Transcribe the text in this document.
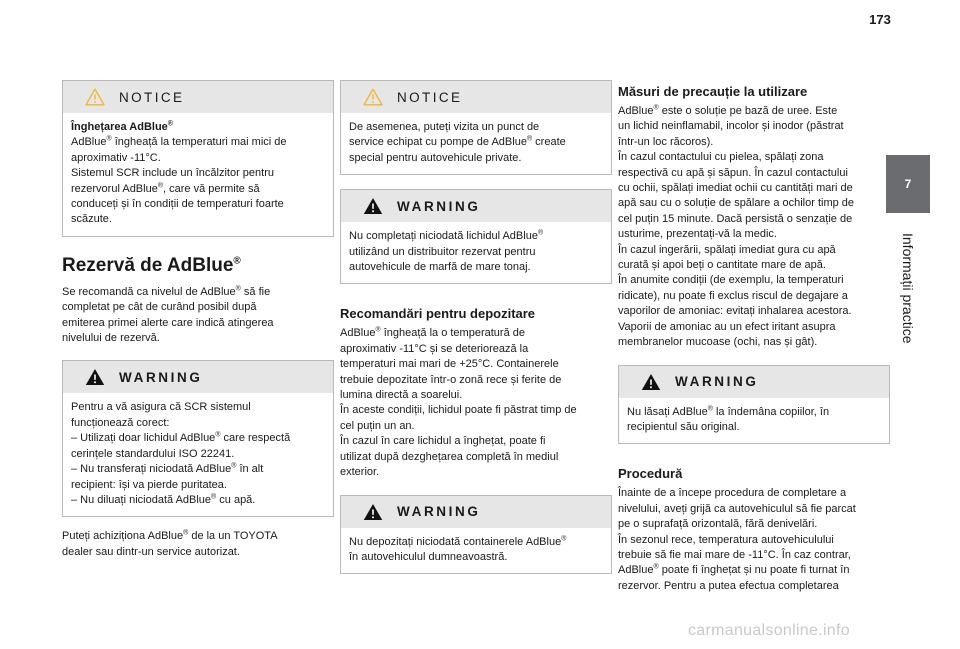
173
7
Informații practice
NOTICE
Înghețarea AdBlue®
AdBlue® îngheață la temperaturi mai mici de
aproximativ -11°C.
Sistemul SCR include un încălzitor pentru
rezervorul AdBlue®, care vă permite să
conduceți și în condiții de temperaturi foarte
scăzute.
Rezervă de AdBlue®

Se recomandă ca nivelul de AdBlue® să fie
completat pe cât de curând posibil după
emiterea primei alerte care indică atingerea
nivelului de rezervă.

WARNING
Pentru a vă asigura că SCR sistemul
funcționează corect:
– Utilizați doar lichidul AdBlue® care respectă
cerințele standardului ISO 22241.
– Nu transferați niciodată AdBlue® în alt
recipient: își va pierde puritatea.
– Nu diluați niciodată AdBlue® cu apă.

Puteți achiziționa AdBlue® de la un TOYOTA
dealer sau dintr-un service autorizat.

NOTICE
De asemenea, puteți vizita un punct de
service echipat cu pompe de AdBlue® create
special pentru autovehicule private.
WARNING
Nu completați niciodată lichidul AdBlue®
utilizând un distribuitor rezervat pentru
autovehicule de marfă de mare tonaj.
Recomandări pentru depozitare

AdBlue® îngheață la o temperatură de
aproximativ -11°C și se deteriorează la
temperaturi mai mari de +25°C. Containerele
trebuie depozitate într-o zonă rece și ferite de
lumina directă a soarelui.
În aceste condiții, lichidul poate fi păstrat timp de
cel puțin un an.
În cazul în care lichidul a înghețat, poate fi
utilizat după dezghețarea completă în mediul
exterior.

WARNING
Nu depozitați niciodată containerele AdBlue®
în autovehiculul dumneavoastră.
Măsuri de precauție la utilizare

AdBlue® este o soluție pe bază de uree. Este
un lichid neinflamabil, incolor și inodor (păstrat
într-un loc răcoros).
În cazul contactului cu pielea, spălați zona
respectivă cu apă și săpun. În cazul contactului
cu ochii, spălați imediat ochii cu cantități mari de
apă sau cu o soluție de spălare a ochilor timp de
cel puțin 15 minute. Dacă persistă o senzație de
usturime, prezentați-vă la medic.
În cazul ingerării, spălați imediat gura cu apă
curată și apoi beți o cantitate mare de apă.
În anumite condiții (de exemplu, la temperaturi
ridicate), nu poate fi exclus riscul de degajare a
vaporilor de amoniac: evitați inhalarea acestora.
Vaporii de amoniac au un efect iritant asupra
membranelor mucoase (ochi, nas și gât).

WARNING
Nu lăsați AdBlue® la îndemâna copiilor, în
recipientul său original.
Procedură

Înainte de a începe procedura de completare a
nivelului, aveți grijă ca autovehiculul să fie parcat
pe o suprafață orizontală, fără denivelări.
În sezonul rece, temperatura autovehiculului
trebuie să fie mai mare de -11°C. În caz contrar,
AdBlue® poate fi înghețat și nu poate fi turnat în
rezervor. Pentru a putea efectua completarea

carmanualsonline.info
